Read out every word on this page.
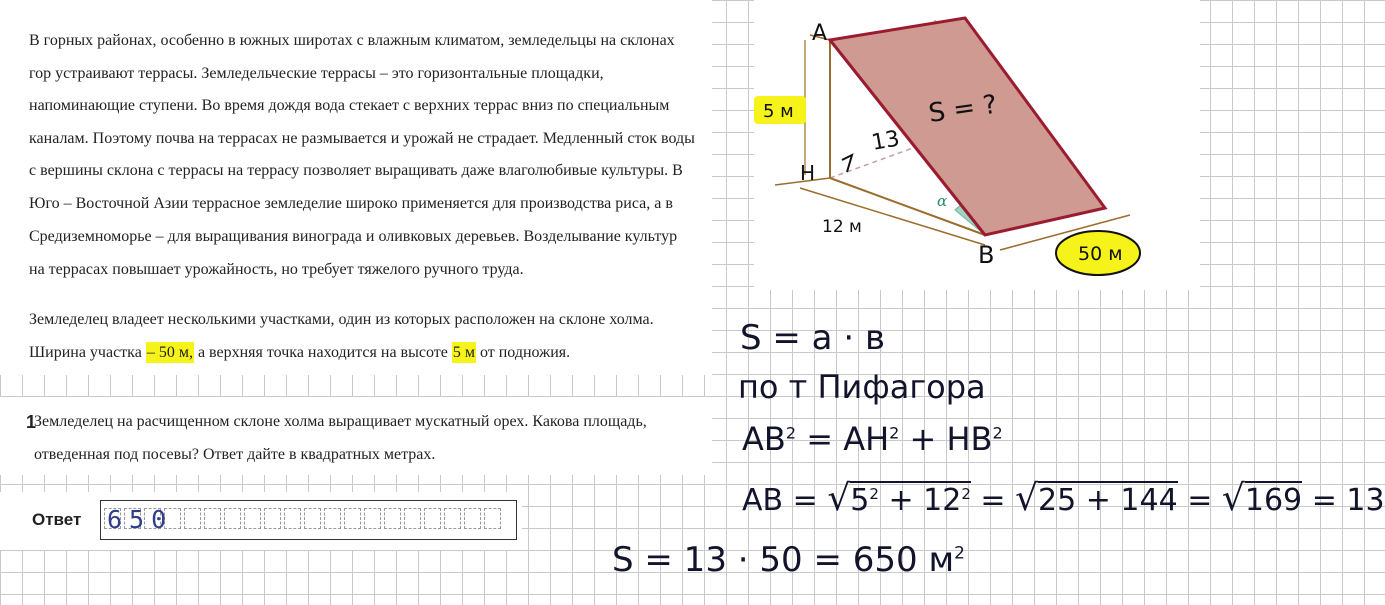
В горных районах, особенно в южных широтах с влажным климатом, земледельцы на склонах

гор устраивают террасы. Земледельческие террасы – это горизонтальные площадки,

напоминающие ступени. Во время дождя вода стекает с верхних террас вниз по специальным

каналам. Поэтому почва на террасах не размывается и урожай не страдает. Медленный сток воды

с вершины склона с террасы на террасу позволяет выращивать даже влаголюбивые культуры. В

Юго – Восточной Азии террасное земледелие широко применяется для производства риса, а в

Средиземноморье – для выращивания винограда и оливковых деревьев. Возделывание культур

на террасах повышает урожайность, но требует тяжелого ручного труда.

Земледелец владеет несколькими участками, один из которых расположен на склоне холма.

Ширина участка – 50 м, а верхняя точка находится на высоте 5 м от подножия.

1
Земледелец на расчищенном склоне холма выращивает мускатный орех. Какова площадь,
отведенная под посевы? Ответ дайте в квадратных метрах.
Ответ 650
A
B
H
5 м
12 м
13
S = ?
α
50 м
S = a · в
по т Пифагора
$AB^2 = AH^2 + HB^2$
AB = $√5^2 + 12^2 = √25 + 144 = √169 = 13$
S = 13 · 50 = 650 $м^2$
